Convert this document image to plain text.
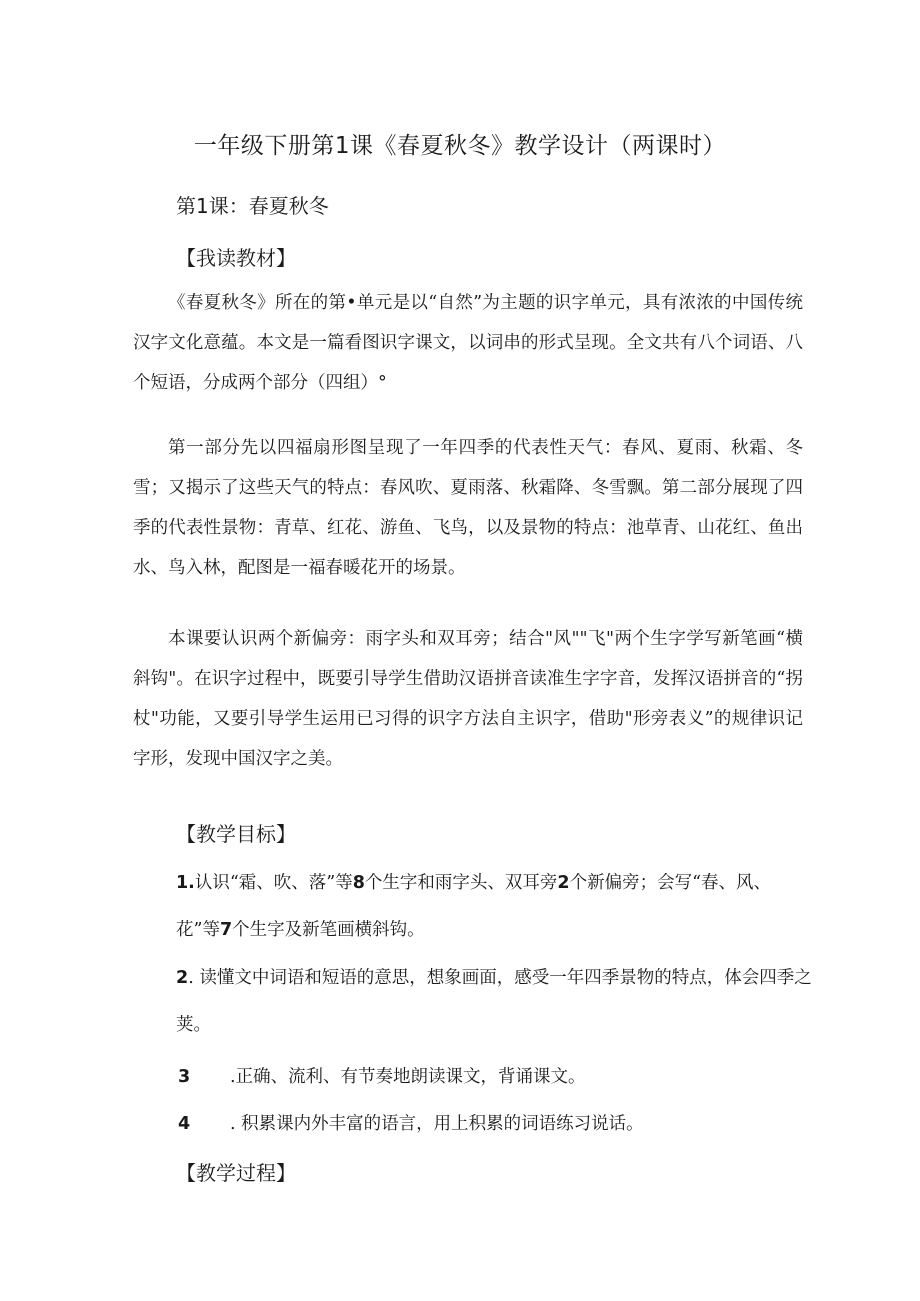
一年级下册第1课《春夏秋冬》教学设计（两课时）
第1课：春夏秋冬
【我读教材】

《春夏秋冬》所在的第•单元是以“自然”为主题的识字单元，具有浓浓的中国传统汉字文化意蕴。本文是一篇看图识字课文，以词串的形式呈现。全文共有八个词语、八个短语，分成两个部分（四组）°

第一部分先以四福扇形图呈现了一年四季的代表性天气：春风、夏雨、秋霜、冬雪；又揭示了这些天气的特点：春风吹、夏雨落、秋霜降、冬雪飘。第二部分展现了四季的代表性景物：青草、红花、游鱼、飞鸟，以及景物的特点：池草青、山花红、鱼出水、鸟入林，配图是一福春暖花开的场景。

本课要认识两个新偏旁：雨字头和双耳旁；结合"风""飞"两个生字学写新笔画“横斜钩"。在识字过程中，既要引导学生借助汉语拼音读准生字字音，发挥汉语拼音的“拐杖"功能，又要引导学生运用已习得的识字方法自主识字，借助"形旁表义”的规律识记字形，发现中国汉字之美。

【教学目标】
1.认识“霜、吹、落”等8个生字和雨字头、双耳旁2个新偏旁；会写“春、风、花”等7个生字及新笔画横斜钩。
2. 读懂文中词语和短语的意思，想象画面，感受一年四季景物的特点，体会四季之荚。
3 .正确、流利、有节奏地朗读课文，背诵课文。
4 . 积累课内外丰富的语言，用上积累的词语练习说话。
【教学过程】
